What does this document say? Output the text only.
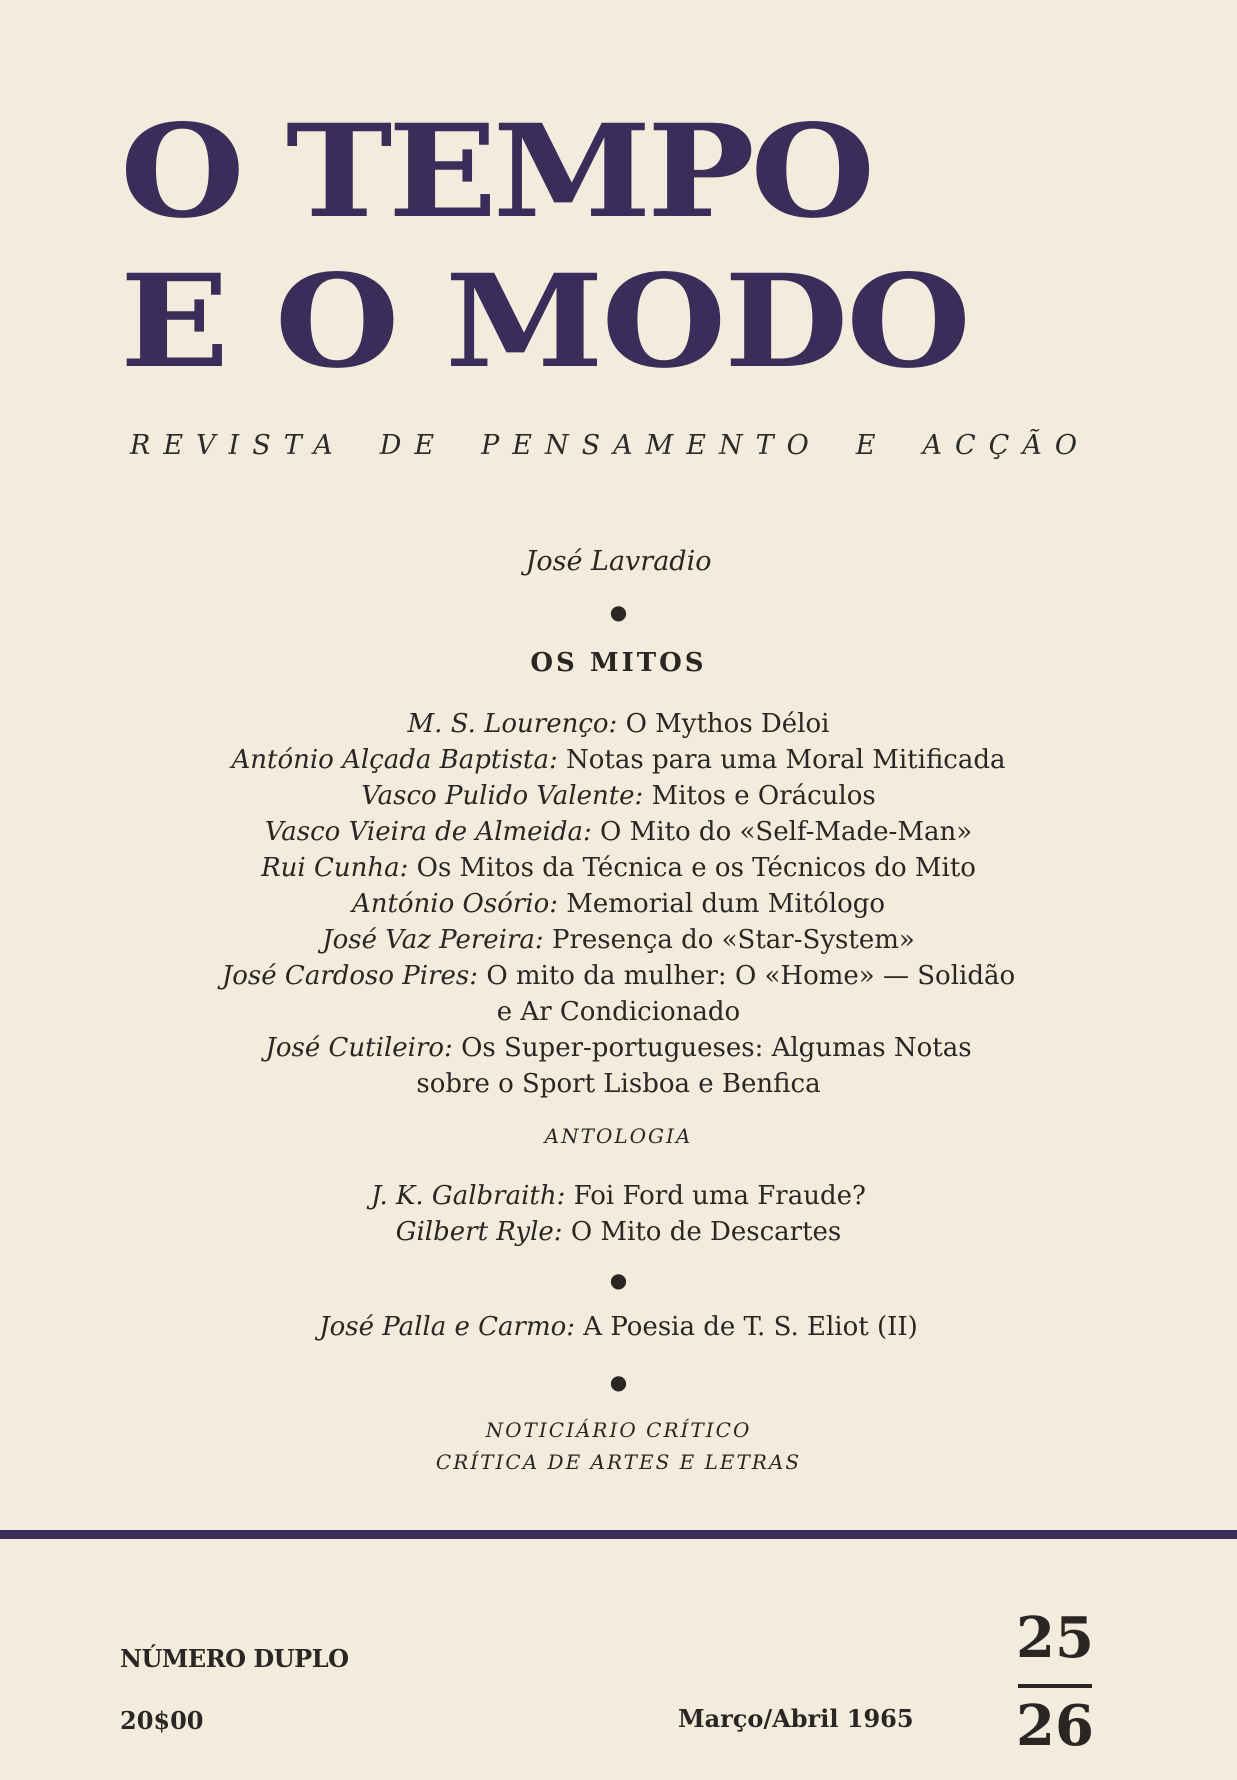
O TEMPO
E O MODO
REVISTA DE PENSAMENTO E ACÇÃO
José Lavradio
●
OS MITOS
M. S. Lourenço: O Mythos Déloi
António Alçada Baptista: Notas para uma Moral Mitificada
Vasco Pulido Valente: Mitos e Oráculos
Vasco Vieira de Almeida: O Mito do «Self-Made-Man»
Rui Cunha: Os Mitos da Técnica e os Técnicos do Mito
António Osório: Memorial dum Mitólogo
José Vaz Pereira: Presença do «Star-System»
José Cardoso Pires: O mito da mulher: O «Home» — Solidão
e Ar Condicionado
José Cutileiro: Os Super-portugueses: Algumas Notas
sobre o Sport Lisboa e Benfica
ANTOLOGIA
J. K. Galbraith: Foi Ford uma Fraude?
Gilbert Ryle: O Mito de Descartes
●
José Palla e Carmo: A Poesia de T. S. Eliot (II)
●
NOTICIÁRIO CRÍTICO
CRÍTICA DE ARTES E LETRAS
NÚMERO DUPLO
20$00	Março/Abril 1965
25
26
